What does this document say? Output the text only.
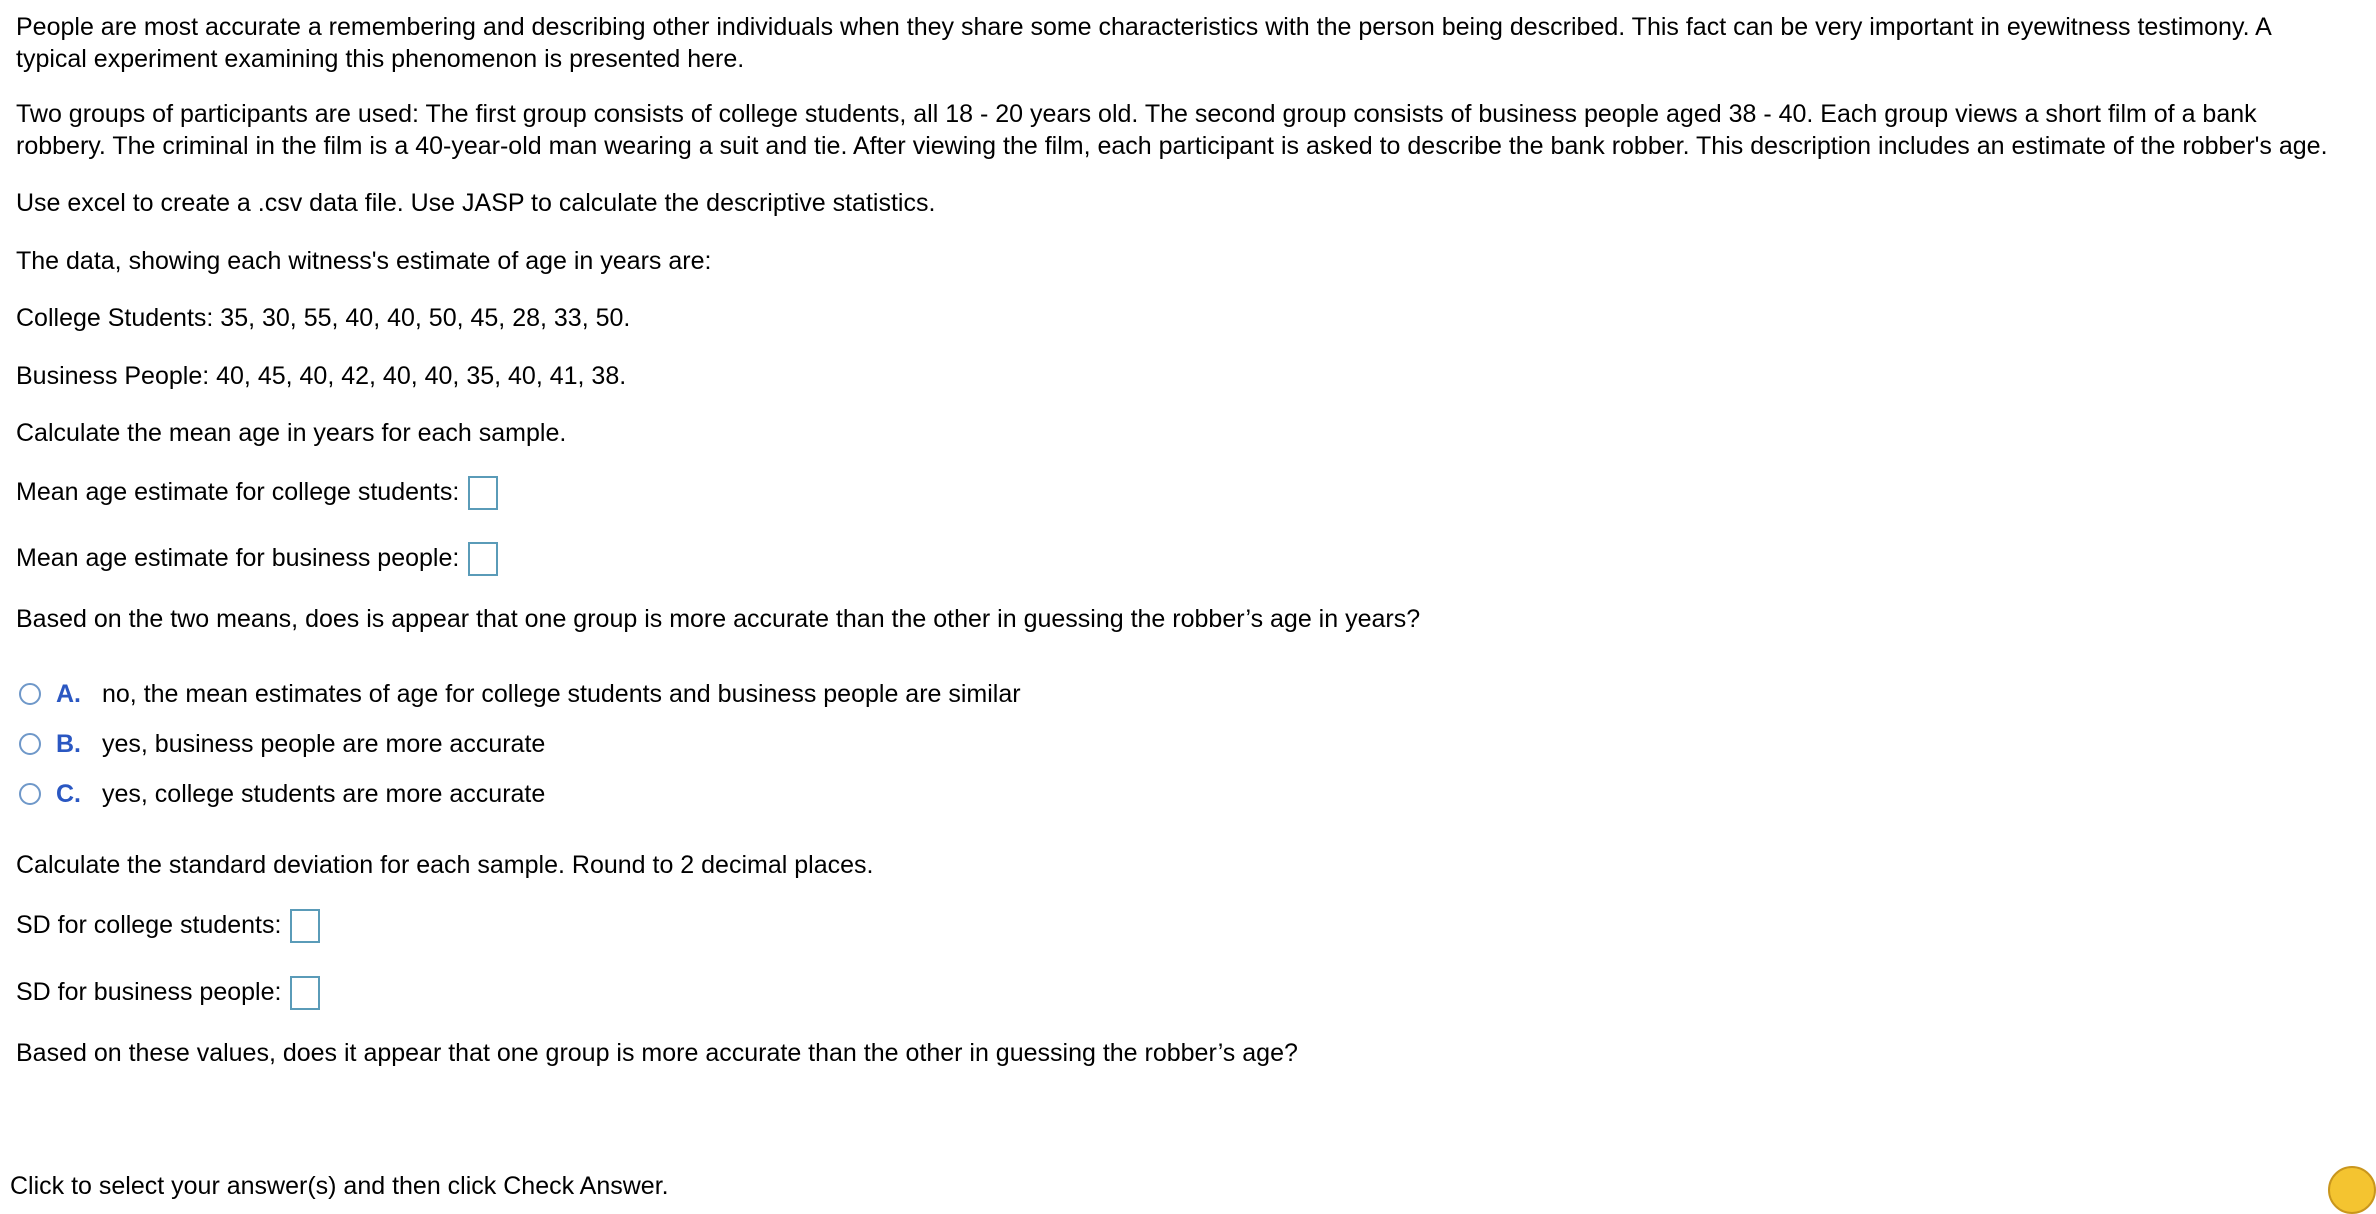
People are most accurate a remembering and describing other individuals when they share some characteristics with the person being described. This fact can be very important in eyewitness testimony. A typical experiment examining this phenomenon is presented here.

Two groups of participants are used: The first group consists of college students, all 18 - 20 years old. The second group consists of business people aged 38 - 40. Each group views a short film of a bank robbery. The criminal in the film is a 40-year-old man wearing a suit and tie. After viewing the film, each participant is asked to describe the bank robber. This description includes an estimate of the robber's age.

Use excel to create a .csv data file. Use JASP to calculate the descriptive statistics.

The data, showing each witness's estimate of age in years are:

College Students: 35, 30, 55, 40, 40, 50, 45, 28, 33, 50.

Business People: 40, 45, 40, 42, 40, 40, 35, 40, 41, 38.

Calculate the mean age in years for each sample.

Mean age estimate for college students:
Mean age estimate for business people:

Based on the two means, does is appear that one group is more accurate than the other in guessing the robber’s age in years?

A. no, the mean estimates of age for college students and business people are similar
B. yes, business people are more accurate
C. yes, college students are more accurate

Calculate the standard deviation for each sample. Round to 2 decimal places.

SD for college students:
SD for business people:

Based on these values, does it appear that one group is more accurate than the other in guessing the robber’s age?

Click to select your answer(s) and then click Check Answer.
